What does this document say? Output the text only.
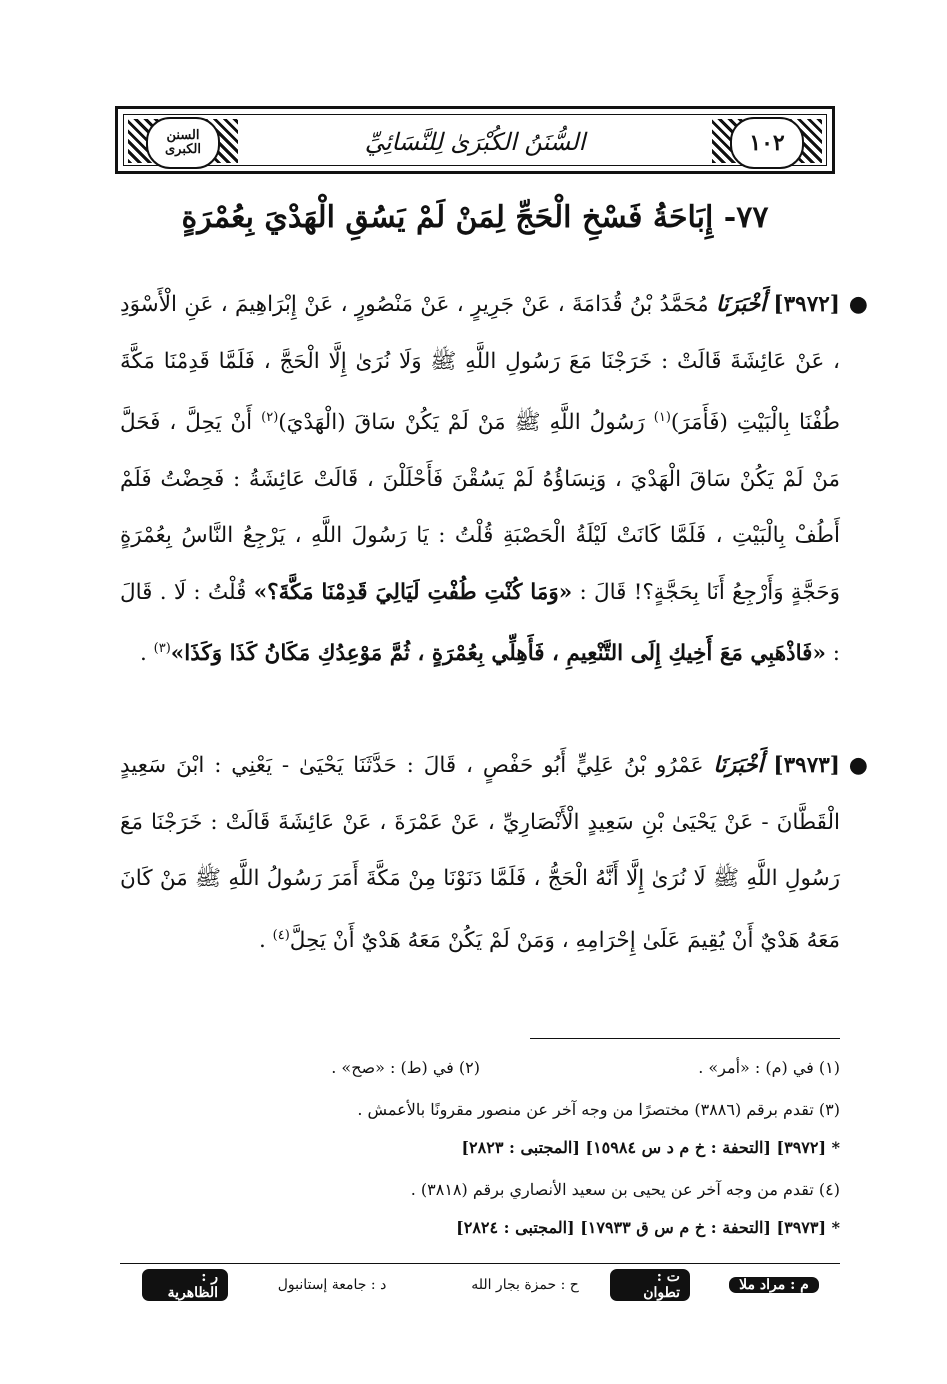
١٠٢
السُّنَنُ الكُبْرَىٰ لِلنَّسَائِيِّ
السنن الكبرى
٧٧- إِبَاحَةُ فَسْخِ الْحَجِّ لِمَنْ لَمْ يَسُقِ الْهَدْيَ بِعُمْرَةٍ
●
[٣٩٧٢] أَخْبَرَنَا مُحَمَّدُ بْنُ قُدَامَةَ ، عَنْ جَرِيرٍ ، عَنْ مَنْصُورٍ ، عَنْ إِبْرَاهِيمَ ، عَنِ الْأَسْوَدِ ، عَنْ عَائِشَةَ قَالَتْ : خَرَجْنَا مَعَ رَسُولِ اللَّهِ ﷺ وَلَا نُرَىٰ إِلَّا الْحَجَّ ، فَلَمَّا قَدِمْنَا مَكَّةَ طُفْنَا بِالْبَيْتِ (فَأَمَرَ)$^{(١)}$ رَسُولُ اللَّهِ ﷺ مَنْ لَمْ يَكُنْ سَاقَ (الْهَدْيَ)$^{(٢)}$ أَنْ يَحِلَّ ، فَحَلَّ مَنْ لَمْ يَكُنْ سَاقَ الْهَدْيَ ، وَنِسَاؤُهُ لَمْ يَسُقْنَ فَأَحْلَلْنَ ، قَالَتْ عَائِشَةُ : فَحِضْتُ فَلَمْ أَطُفْ بِالْبَيْتِ ، فَلَمَّا كَانَتْ لَيْلَةُ الْحَصْبَةِ قُلْتُ : يَا رَسُولَ اللَّهِ ، يَرْجِعُ النَّاسُ بِعُمْرَةٍ وَحَجَّةٍ وَأَرْجِعُ أَنَا بِحَجَّةٍ؟! قَالَ : «وَمَا كُنْتِ طُفْتِ لَيَالِيَ قَدِمْنَا مَكَّةَ؟» قُلْتُ : لَا . قَالَ : «فَاذْهَبِي مَعَ أَخِيكِ إِلَى التَّنْعِيمِ ، فَأَهِلِّي بِعُمْرَةٍ ، ثُمَّ مَوْعِدُكِ مَكَانُ كَذَا وَكَذَا»$^{(٣)}$ .
●
[٣٩٧٣] أَخْبَرَنَا عَمْرُو بْنُ عَلِيٍّ أَبُو حَفْصٍ ، قَالَ : حَدَّثَنَا يَحْيَىٰ - يَعْنِي : ابْنَ سَعِيدٍ الْقَطَّانَ - عَنْ يَحْيَىٰ بْنِ سَعِيدٍ الْأَنْصَارِيِّ ، عَنْ عَمْرَةَ ، عَنْ عَائِشَةَ قَالَتْ : خَرَجْنَا مَعَ رَسُولِ اللَّهِ ﷺ لَا نُرَىٰ إِلَّا أَنَّهُ الْحَجُّ ، فَلَمَّا دَنَوْنَا مِنْ مَكَّةَ أَمَرَ رَسُولُ اللَّهِ ﷺ مَنْ كَانَ مَعَهُ هَدْيٌ أَنْ يُقِيمَ عَلَىٰ إِحْرَامِهِ ، وَمَنْ لَمْ يَكُنْ مَعَهُ هَدْيٌ أَنْ يَحِلَّ$^{(٤)}$ .
(١) في (م) : «أمر» .
(٢) في (ط) : «صح» .
(٣) تقدم برقم (٣٨٨٦) مختصرًا من وجه آخر عن منصور مقرونًا بالأعمش .
* [٣٩٧٢] [التحفة : خ م د س ١٥٩٨٤] [المجتبى : ٢٨٢٣]
(٤) تقدم من وجه آخر عن يحيى بن سعيد الأنصاري برقم (٣٨١٨) .
* [٣٩٧٣] [التحفة : خ م س ق ١٧٩٣٣] [المجتبى : ٢٨٢٤]
م : مراد ملا
ت : تطوان
ح : حمزة بجار الله
د : جامعة إستانبول
ر : الظاهرية
